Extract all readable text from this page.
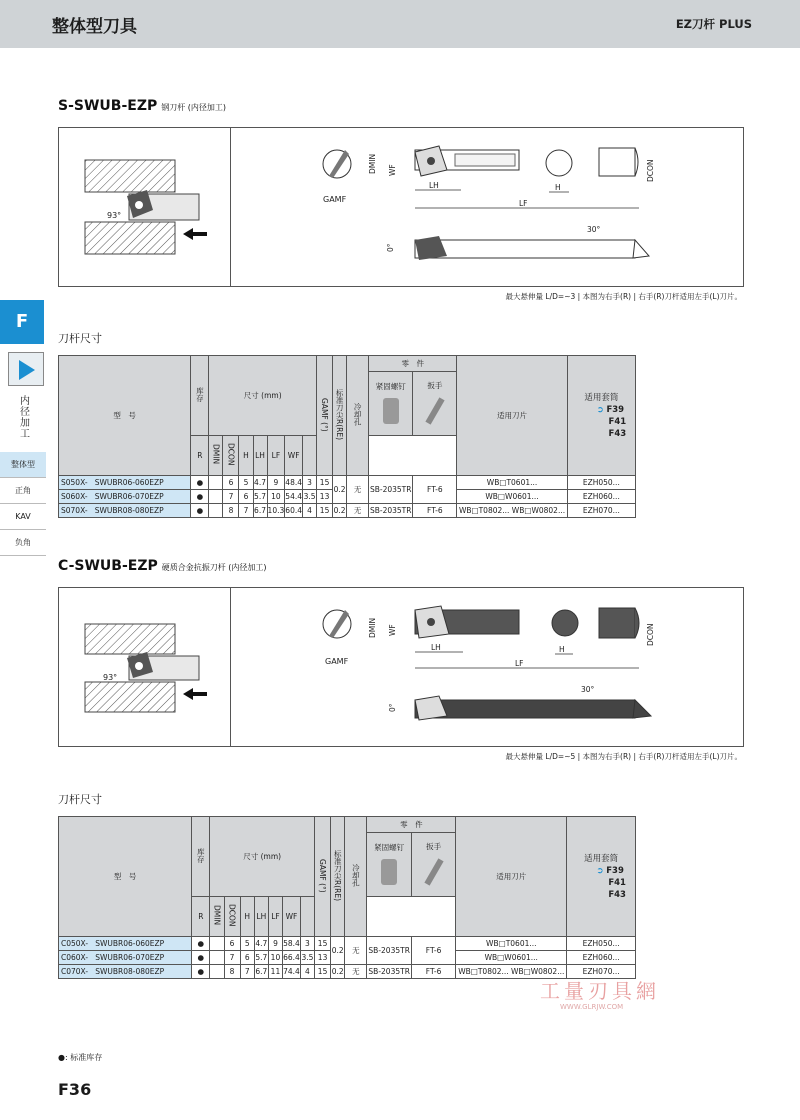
整体型刀具	EZ刀杆 PLUS
F
内径加工
整体型
正角
KAV
负角
S-SWUB-EZP 钢刀杆 (内径加工)
93°
GAMF
DMIN WF	DCON
LH	H
LF
30°
0°
最大悬伸量 L/D=~3 | 本图为右手(R) | 右手(R)刀杆适用左手(L)刀片。
刀杆尺寸
型　号	库存	尺寸 (mm)							GAMF (°)	标准刀尖R(RE)	冷却孔	零　件		适用刀片	适用套筒
➲ F39
F41
F43

												紧固螺钉	扳手		

	R	DMIN	DCON	H	LH	LF	WF								
S050X- SWUBR06-060EZP	●		6	5	4.7	9	48.4	3	15	0.2	无	SB-2035TR	FT-6	WB□T0601...	EZH050...
S060X- SWUBR06-070EZP	●		7	6	5.7	10	54.4	3.5	13					WB□W0601...	EZH060...
S070X- SWUBR08-080EZP	●		8	7	6.7	10.3	60.4	4	15	0.2	无	SB-2035TR	FT-6	WB□T0802... WB□W0802...	EZH070...
C-SWUB-EZP 硬质合金抗振刀杆 (内径加工)
93°
GAMF
DMIN WF	DCON
LH	H
LF
30°
0°
最大悬伸量 L/D=~5 | 本图为右手(R) | 右手(R)刀杆适用左手(L)刀片。
刀杆尺寸
型　号	库存	尺寸 (mm)							GAMF (°)	标准刀尖R(RE)	冷却孔	零　件		适用刀片	适用套筒
➲ F39
F41
F43

												紧固螺钉	扳手		

	R	DMIN	DCON	H	LH	LF	WF								
C050X- SWUBR06-060EZP	●		6	5	4.7	9	58.4	3	15	0.2	无	SB-2035TR	FT-6	WB□T0601...	EZH050...
C060X- SWUBR06-070EZP	●		7	6	5.7	10	66.4	3.5	13					WB□W0601...	EZH060...
C070X- SWUBR08-080EZP	●		8	7	6.7	11	74.4	4	15	0.2	无	SB-2035TR	FT-6	WB□T0802... WB□W0802...	EZH070...
工量刃具網
WWW.GLRJW.COM
●: 标准库存
F36
